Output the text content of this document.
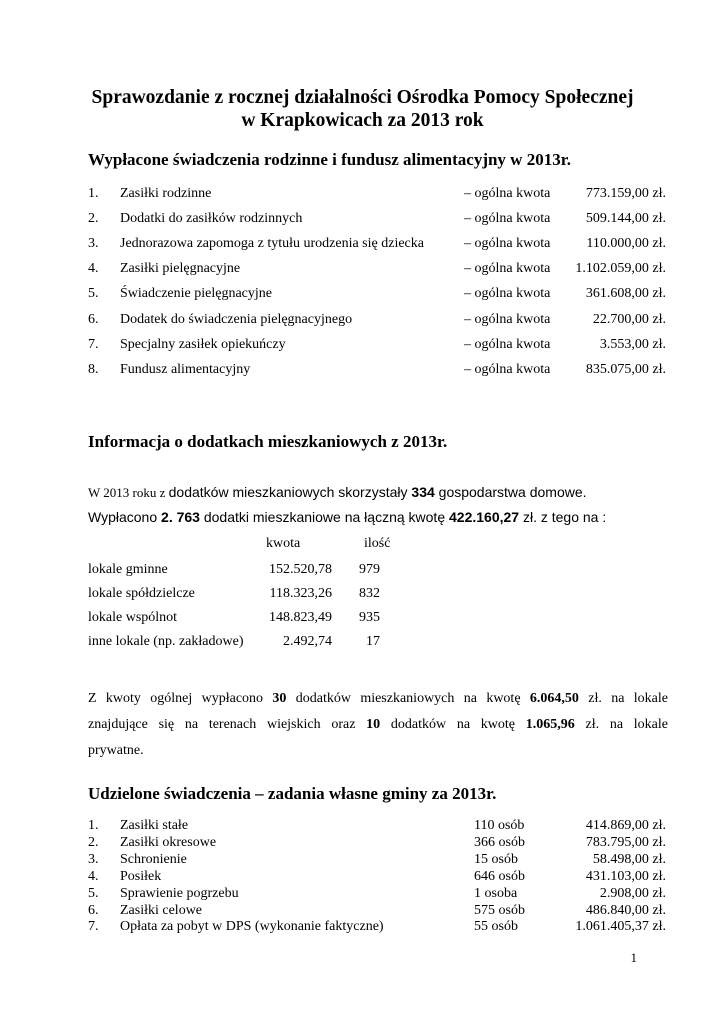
Sprawozdanie z rocznej działalności Ośrodka Pomocy Społecznej
w Krapkowicach za 2013 rok
Wypłacone świadczenia rodzinne i fundusz alimentacyjny w 2013r.
1. Zasiłki rodzinne	– ogólna kwota	773.159,00 zł.
2. Dodatki do zasiłków rodzinnych	– ogólna kwota	509.144,00 zł.
3. Jednorazowa zapomoga z tytułu urodzenia się dziecka	– ogólna kwota	110.000,00 zł.
4. Zasiłki pielęgnacyjne	– ogólna kwota 1.102.059,00 zł.
5. Świadczenie pielęgnacyjne	– ogólna kwota	361.608,00 zł.
6. Dodatek do świadczenia pielęgnacyjnego	– ogólna kwota	22.700,00 zł.
7. Specjalny zasiłek opiekuńczy	– ogólna kwota	3.553,00 zł.
8. Fundusz alimentacyjny	– ogólna kwota	835.075,00 zł.
Informacja o dodatkach mieszkaniowych z 2013r.
W 2013 roku z dodatków mieszkaniowych skorzystały 334 gospodarstwa domowe.
Wypłacono 2. 763 dodatki mieszkaniowe na łączną kwotę 422.160,27 zł. z tego na :
kwota	ilość
lokale gminne	152.520,78 979
lokale spółdzielcze	118.323,26 832
lokale wspólnot	148.823,49 935
inne lokale (np. zakładowe)	2.492,74 17
Z kwoty ogólnej wypłacono 30 dodatków mieszkaniowych na kwotę 6.064,50 zł. na lokale
znajdujące się na terenach wiejskich oraz 10 dodatków na kwotę 1.065,96 zł. na lokale
prywatne.
Udzielone świadczenia – zadania własne gminy za 2013r.
1. Zasiłki stałe	110 osób	414.869,00 zł.
2. Zasiłki okresowe	366 osób	783.795,00 zł.
3. Schronienie	15 osób	58.498,00 zł.
4. Posiłek	646 osób	431.103,00 zł.
5. Sprawienie pogrzebu	1 osoba	2.908,00 zł.
6. Zasiłki celowe	575 osób	486.840,00 zł.
7. Opłata za pobyt w DPS (wykonanie faktyczne)	55 osób	1.061.405,37 zł.
1
